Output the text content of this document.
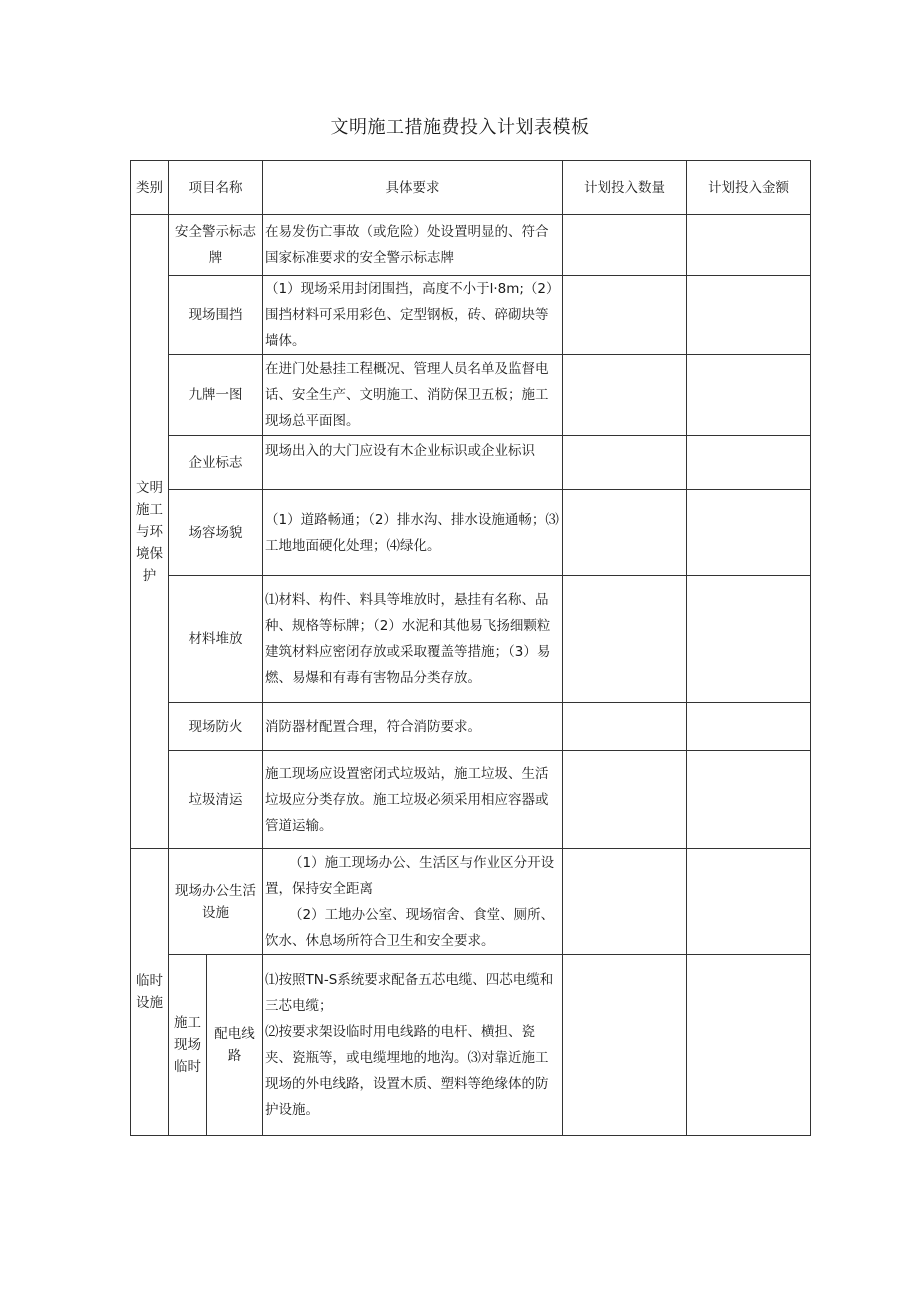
文明施工措施费投入计划表模板
类别	项目名称		具体要求	计划投入数量	计划投入金额

文明施工与环境保护	安全警示标志牌		在易发伤亡事故（或危险）处设置明显的、符合国家标准要求的安全警示标志牌		
	现场围挡		（1）现场采用封闭围挡，高度不小于l·8m;（2）围挡材料可采用彩色、定型钢板，砖、碎砌块等墙体。		
	九牌一图		在进门处悬挂工程概况、管理人员名单及监督电话、安全生产、文明施工、消防保卫五板；施工现场总平面图。		
	企业标志		现场出入的大门应设有木企业标识或企业标识		
	场容场貌		（1）道路畅通；（2）排水沟、排水设施通畅；⑶工地地面硬化处理；⑷绿化。		
	材料堆放		⑴材料、构件、料具等堆放时，悬挂有名称、品种、规格等标牌；（2）水泥和其他易飞扬细颗粒建筑材料应密闭存放或采取覆盖等措施；（3）易燃、易爆和有毒有害物品分类存放。		
	现场防火		消防器材配置合理，符合消防要求。		
	垃圾清运		施工现场应设置密闭式垃圾站，施工垃圾、生活垃圾应分类存放。施工垃圾必须采用相应容器或管道运输。		

临时设施	现场办公生活设施		（1）施工现场办公、生活区与作业区分开设置，保持安全距离
（2）工地办公室、现场宿舍、食堂、厕所、饮水、休息场所符合卫生和安全要求。		

	施工现场临时	配电线路	⑴按照TN-S系统要求配备五芯电缆、四芯电缆和三芯电缆；
⑵按要求架设临时用电线路的电杆、横担、瓷夹、瓷瓶等，或电缆埋地的地沟。⑶对靠近施工现场的外电线路，设置木质、塑料等绝缘体的防护设施。		
